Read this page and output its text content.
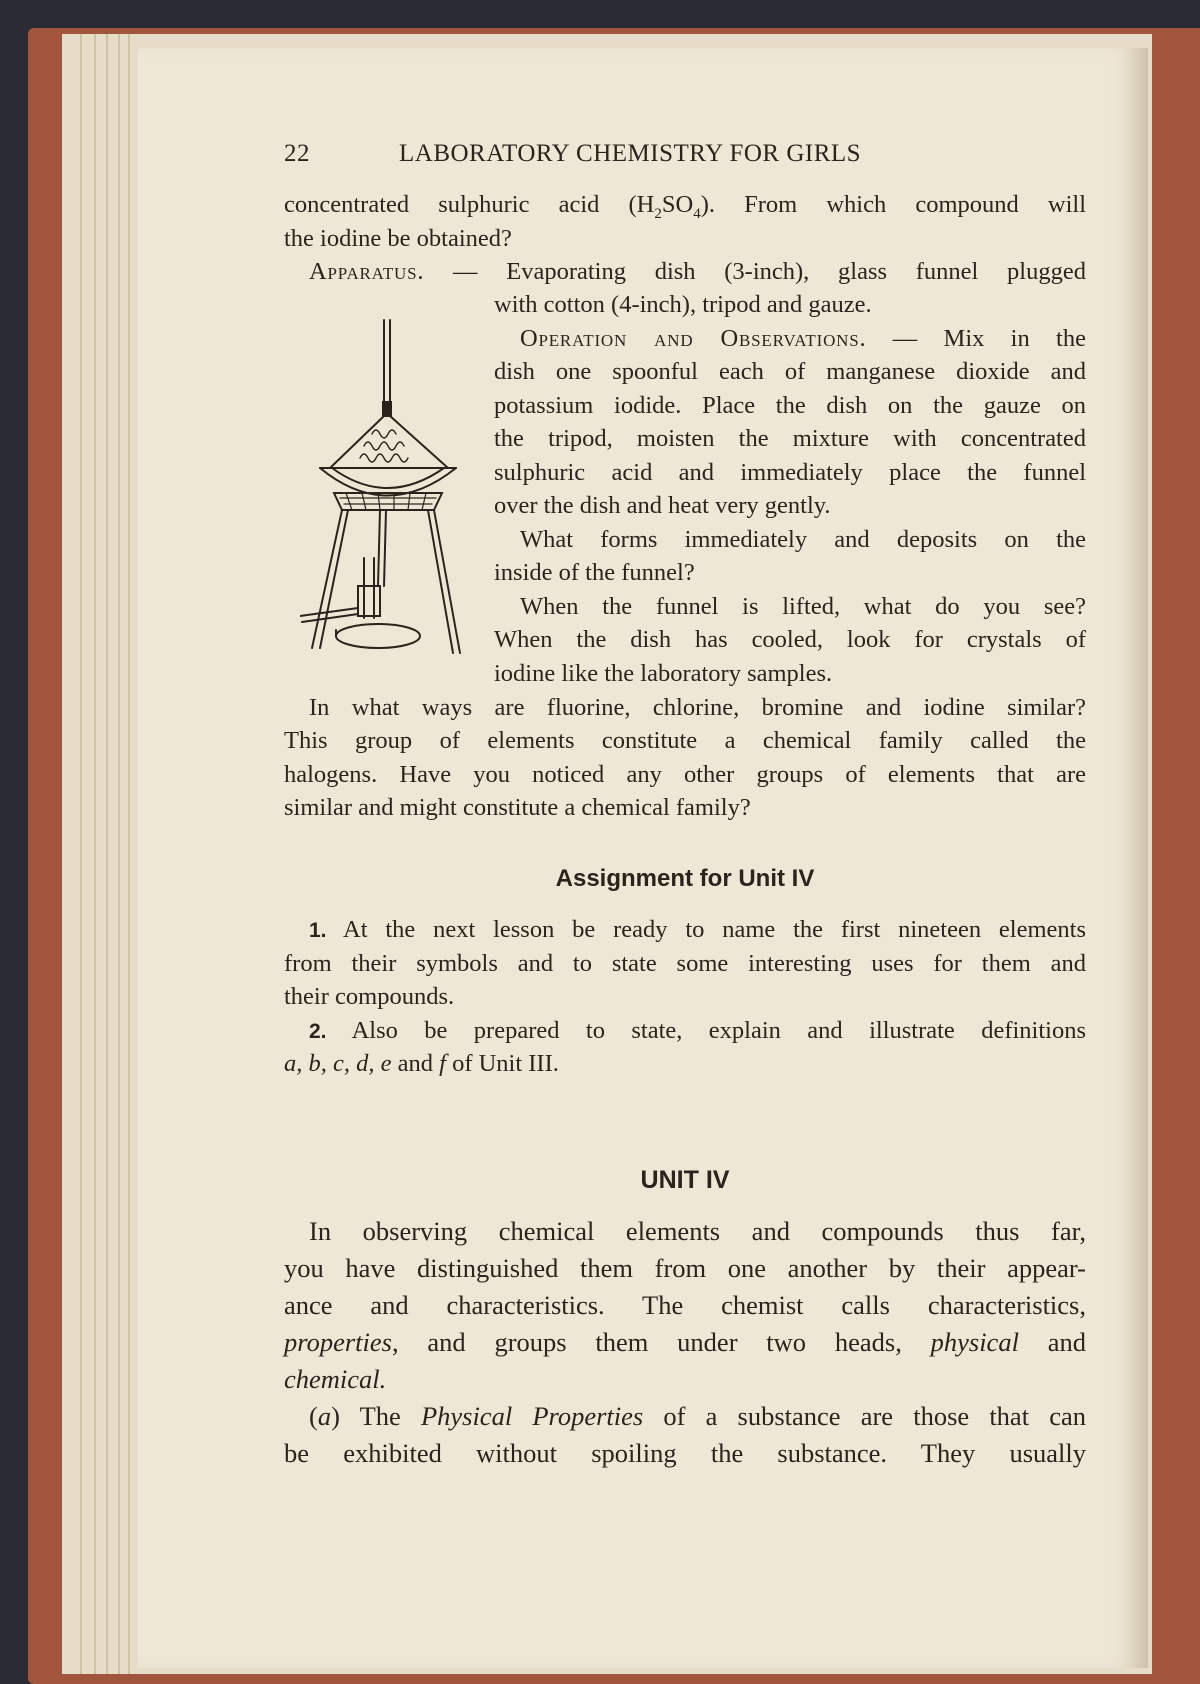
22	LABORATORY CHEMISTRY FOR GIRLS
concentrated sulphuric acid $(H_2SO_4)$. From which compound will
the iodine be obtained?
Apparatus. — Evaporating dish (3-inch), glass funnel plugged
with cotton (4-inch), tripod and gauze.
Operation and Observations. — Mix in the
dish one spoonful each of manganese dioxide and
potassium iodide. Place the dish on the gauze on
the tripod, moisten the mixture with concentrated
sulphuric acid and immediately place the funnel
over the dish and heat very gently.
What forms immediately and deposits on the
inside of the funnel?
When the funnel is lifted, what do you see?
When the dish has cooled, look for crystals of
iodine like the laboratory samples.
In what ways are fluorine, chlorine, bromine and iodine similar?
This group of elements constitute a chemical family called the
halogens. Have you noticed any other groups of elements that are
similar and might constitute a chemical family?
Assignment for Unit IV
1. At the next lesson be ready to name the first nineteen elements
from their symbols and to state some interesting uses for them and
their compounds.
2. Also be prepared to state, explain and illustrate definitions
a, b, c, d, e and f of Unit III.
UNIT IV
In observing chemical elements and compounds thus far,
you have distinguished them from one another by their appear-
ance and characteristics. The chemist calls characteristics,
properties, and groups them under two heads, physical and
chemical.
(a) The Physical Properties of a substance are those that can
be exhibited without spoiling the substance. They usually
